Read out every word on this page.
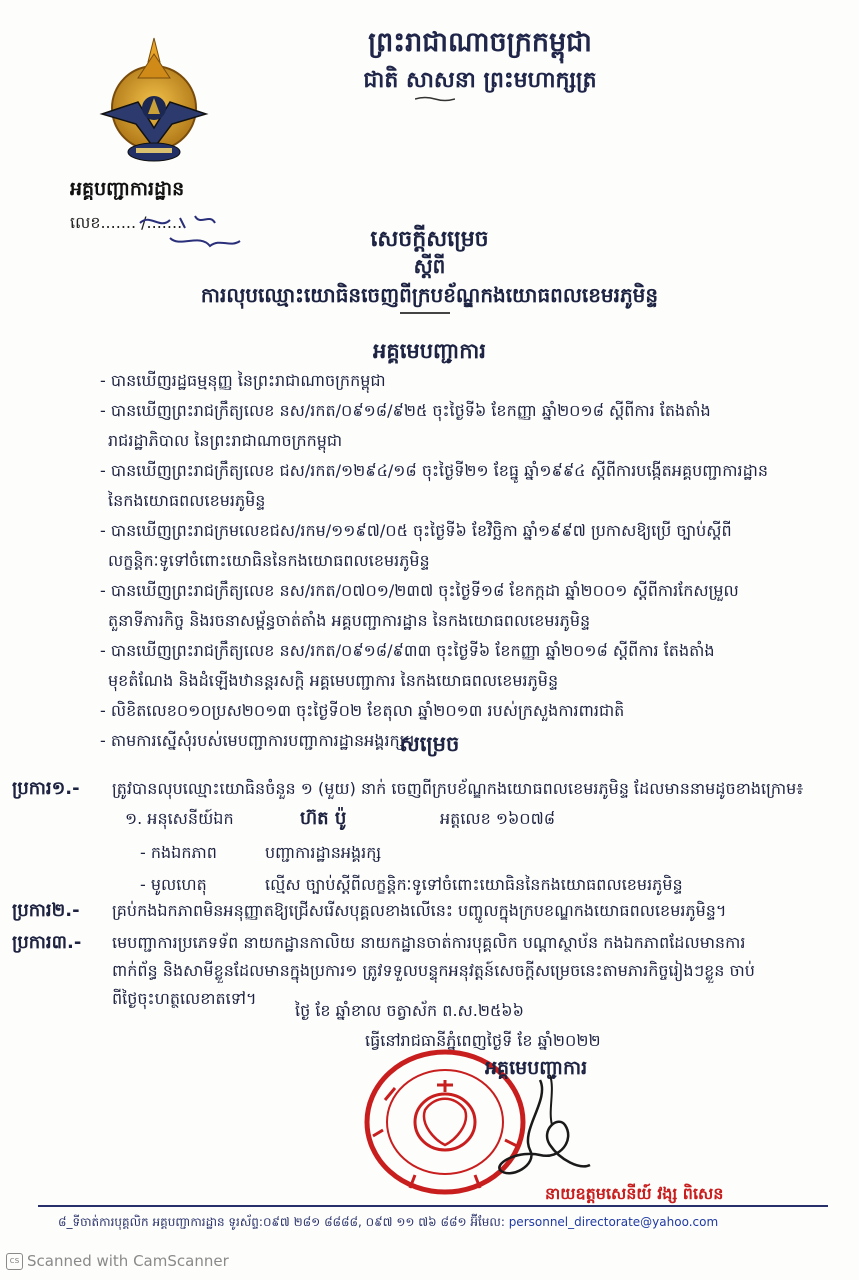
ព្រះរាជាណាចក្រកម្ពុជា
ជាតិ សាសនា ព្រះមហាក្សត្រ
អគ្គបញ្ជាការដ្ឋាន
លេខ....... /.......
សេចក្តីសម្រេច
ស្តីពី
ការលុបឈ្មោះយោធិនចេញពីក្របខ័ណ្ឌកងយោធពលខេមរភូមិន្ទ
អគ្គមេបញ្ជាការ
- បានឃើញរដ្ឋធម្មនុញ្ញ នៃព្រះរាជាណាចក្រកម្ពុជា
- បានឃើញព្រះរាជក្រឹត្យលេខ នស/រកត/០៩១៨/៩២៥ ចុះថ្ងៃទី៦ ខែកញ្ញា ឆ្នាំ២០១៨ ស្តីពីការ តែងតាំង
រាជរដ្ឋាភិបាល នៃព្រះរាជាណាចក្រកម្ពុជា
- បានឃើញព្រះរាជក្រឹត្យលេខ ជស/រកត/១២៩៤/១៨ ចុះថ្ងៃទី២១ ខែធ្នូ ឆ្នាំ១៩៩៤ ស្តីពីការបង្កើតអគ្គបញ្ជាការដ្ឋាន
នៃកងយោធពលខេមរភូមិន្ទ
- បានឃើញព្រះរាជក្រមលេខជស/រកម/១១៩៧/០៥ ចុះថ្ងៃទី៦ ខែវិច្ឆិកា ឆ្នាំ១៩៩៧ ប្រកាសឱ្យប្រើ ច្បាប់ស្តីពី
លក្ខន្តិកៈទូទៅចំពោះយោធិននៃកងយោធពលខេមរភូមិន្ទ
- បានឃើញព្រះរាជក្រឹត្យលេខ នស/រកត/០៧០១/២៣៧ ចុះថ្ងៃទី១៨ ខែកក្កដា ឆ្នាំ២០០១ ស្តីពីការកែសម្រួល
តួនាទីភារកិច្ច និងរចនាសម្ព័ន្ធចាត់តាំង អគ្គបញ្ជាការដ្ឋាន នៃកងយោធពលខេមរភូមិន្ទ
- បានឃើញព្រះរាជក្រឹត្យលេខ នស/រកត/០៩១៨/៩៣៣ ចុះថ្ងៃទី៦ ខែកញ្ញា ឆ្នាំ២០១៨ ស្តីពីការ តែងតាំង
មុខតំណែង និងដំឡើងឋានន្តរសក្តិ អគ្គមេបញ្ជាការ នៃកងយោធពលខេមរភូមិន្ទ
- លិខិតលេខ០១០ប្រស២០១៣ ចុះថ្ងៃទី០២ ខែតុលា ឆ្នាំ២០១៣ របស់ក្រសួងការពារជាតិ
- តាមការស្នើសុំរបស់មេបញ្ជាការបញ្ជាការដ្ឋានអង្គរក្ស។
សម្រេច
ប្រការ១.- ត្រូវបានលុបឈ្មោះយោធិនចំនួន ១ (មួយ) នាក់ ចេញពីក្របខ័ណ្ឌកងយោធពលខេមរភូមិន្ទ ដែលមាននាមដូចខាងក្រោម៖
១. អនុសេនីយ៍ឯក	ហ៊ត ប៉ូ	អត្តលេខ ១៦០៧៨
- កងឯកភាព	បញ្ជាការដ្ឋានអង្គរក្ស
- មូលហេតុ	ល្មើស ច្បាប់ស្តីពីលក្ខន្តិកៈទូទៅចំពោះយោធិននៃកងយោធពលខេមរភូមិន្ទ
ប្រការ២.- គ្រប់កងឯកភាពមិនអនុញ្ញាតឱ្យជ្រើសរើសបុគ្គលខាងលើនេះ បញ្ចូលក្នុងក្របខណ្ឌកងយោធពលខេមរភូមិន្ទ។
ប្រការ៣.- មេបញ្ជាការប្រភេទទ័ព នាយកដ្ឋានកាលិយ នាយកដ្ឋានចាត់ការបុគ្គលិក បណ្តាស្ថាប័ន កងឯកភាពដែលមានការ
ពាក់ព័ន្ធ និងសាមីខ្លួនដែលមានក្នុងប្រការ១ ត្រូវទទួលបន្ទុកអនុវត្តន៍សេចក្តីសម្រេចនេះតាមភារកិច្ចរៀងៗខ្លួន ចាប់
ពីថ្ងៃចុះហត្ថលេខាតទៅ។
ថ្ងៃ ខែ ឆ្នាំខាល ចត្វាស័ក ព.ស.២៥៦៦
ធ្វើនៅរាជធានីភ្នំពេញថ្ងៃទី ខែ ឆ្នាំ២០២២
អគ្គមេបញ្ជាការ
នាយឧត្តមសេនីយ៍ វង្ស ពិសេន
៨_ទីចាត់ការបុគ្គលិក អគ្គបញ្ជាការដ្ឋាន ទូរស័ព្ទ:០៩៧ ២៨១ ៨៨៨៨, ០៩៧ ១១ ៧៦ ៨៨១ អ៊ីមែល: personnel_directorate@yahoo.com
cs Scanned with CamScanner
